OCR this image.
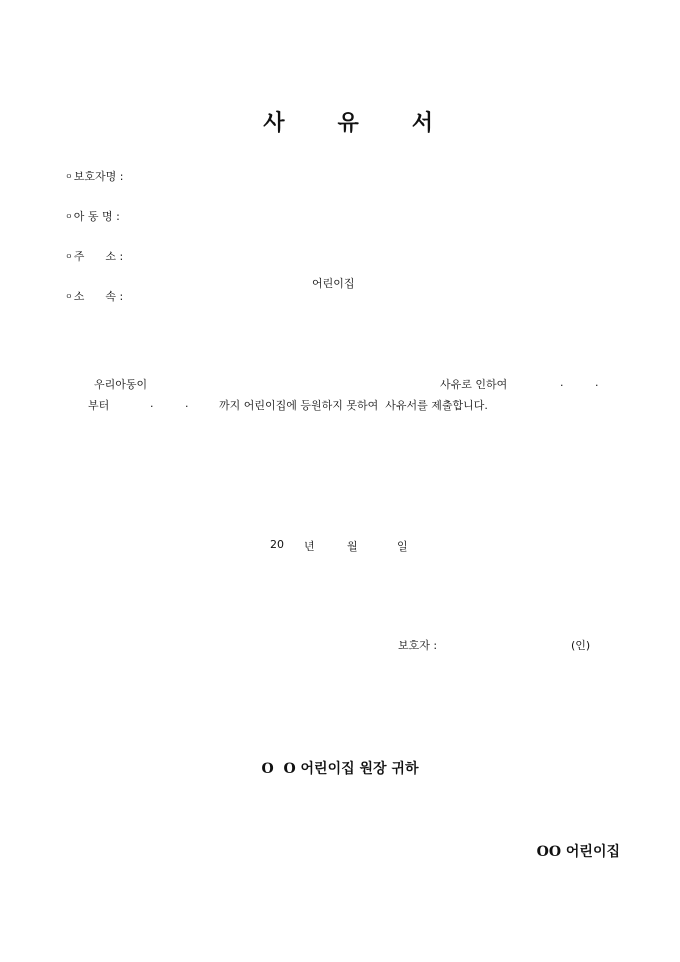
사 유 서

ㅇ보호자명 :

ㅇ아 동 명 :

ㅇ주      소 :

ㅇ소      속 :

어린이집
우리아동이	사유로 인하여	.         .
부터	.         .	까지 어린이집에 등원하지 못하여  사유서를 제출합니다.
20 년	월	일
보호자 :	(인)
O  O 어린이집 원장 귀하
OO 어린이집
